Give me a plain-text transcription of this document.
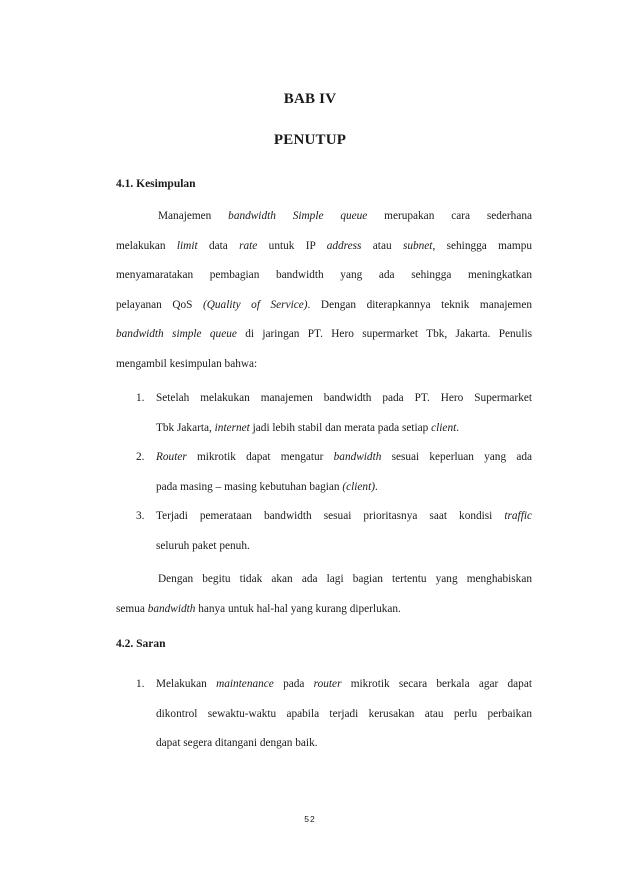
BAB IV
PENUTUP
4.1. Kesimpulan

Manajemen bandwidth Simple queue merupakan cara sederhana
melakukan limit data rate untuk IP address atau subnet, sehingga mampu
menyamaratakan pembagian bandwidth yang ada sehingga meningkatkan
pelayanan QoS (Quality of Service). Dengan diterapkannya teknik manajemen
bandwidth simple queue di jaringan PT. Hero supermarket Tbk, Jakarta. Penulis
mengambil kesimpulan bahwa:

1. Setelah melakukan manajemen bandwidth pada PT. Hero Supermarket
Tbk Jakarta, internet jadi lebih stabil dan merata pada setiap client.
2. Router mikrotik dapat mengatur bandwidth sesuai keperluan yang ada
pada masing – masing kebutuhan bagian (client).
3. Terjadi pemerataan bandwidth sesuai prioritasnya saat kondisi traffic
seluruh paket penuh.

Dengan begitu tidak akan ada lagi bagian tertentu yang menghabiskan
semua bandwidth hanya untuk hal-hal yang kurang diperlukan.

4.2. Saran
1. Melakukan maintenance pada router mikrotik secara berkala agar dapat
dikontrol sewaktu-waktu apabila terjadi kerusakan atau perlu perbaikan
dapat segera ditangani dengan baik.
52
